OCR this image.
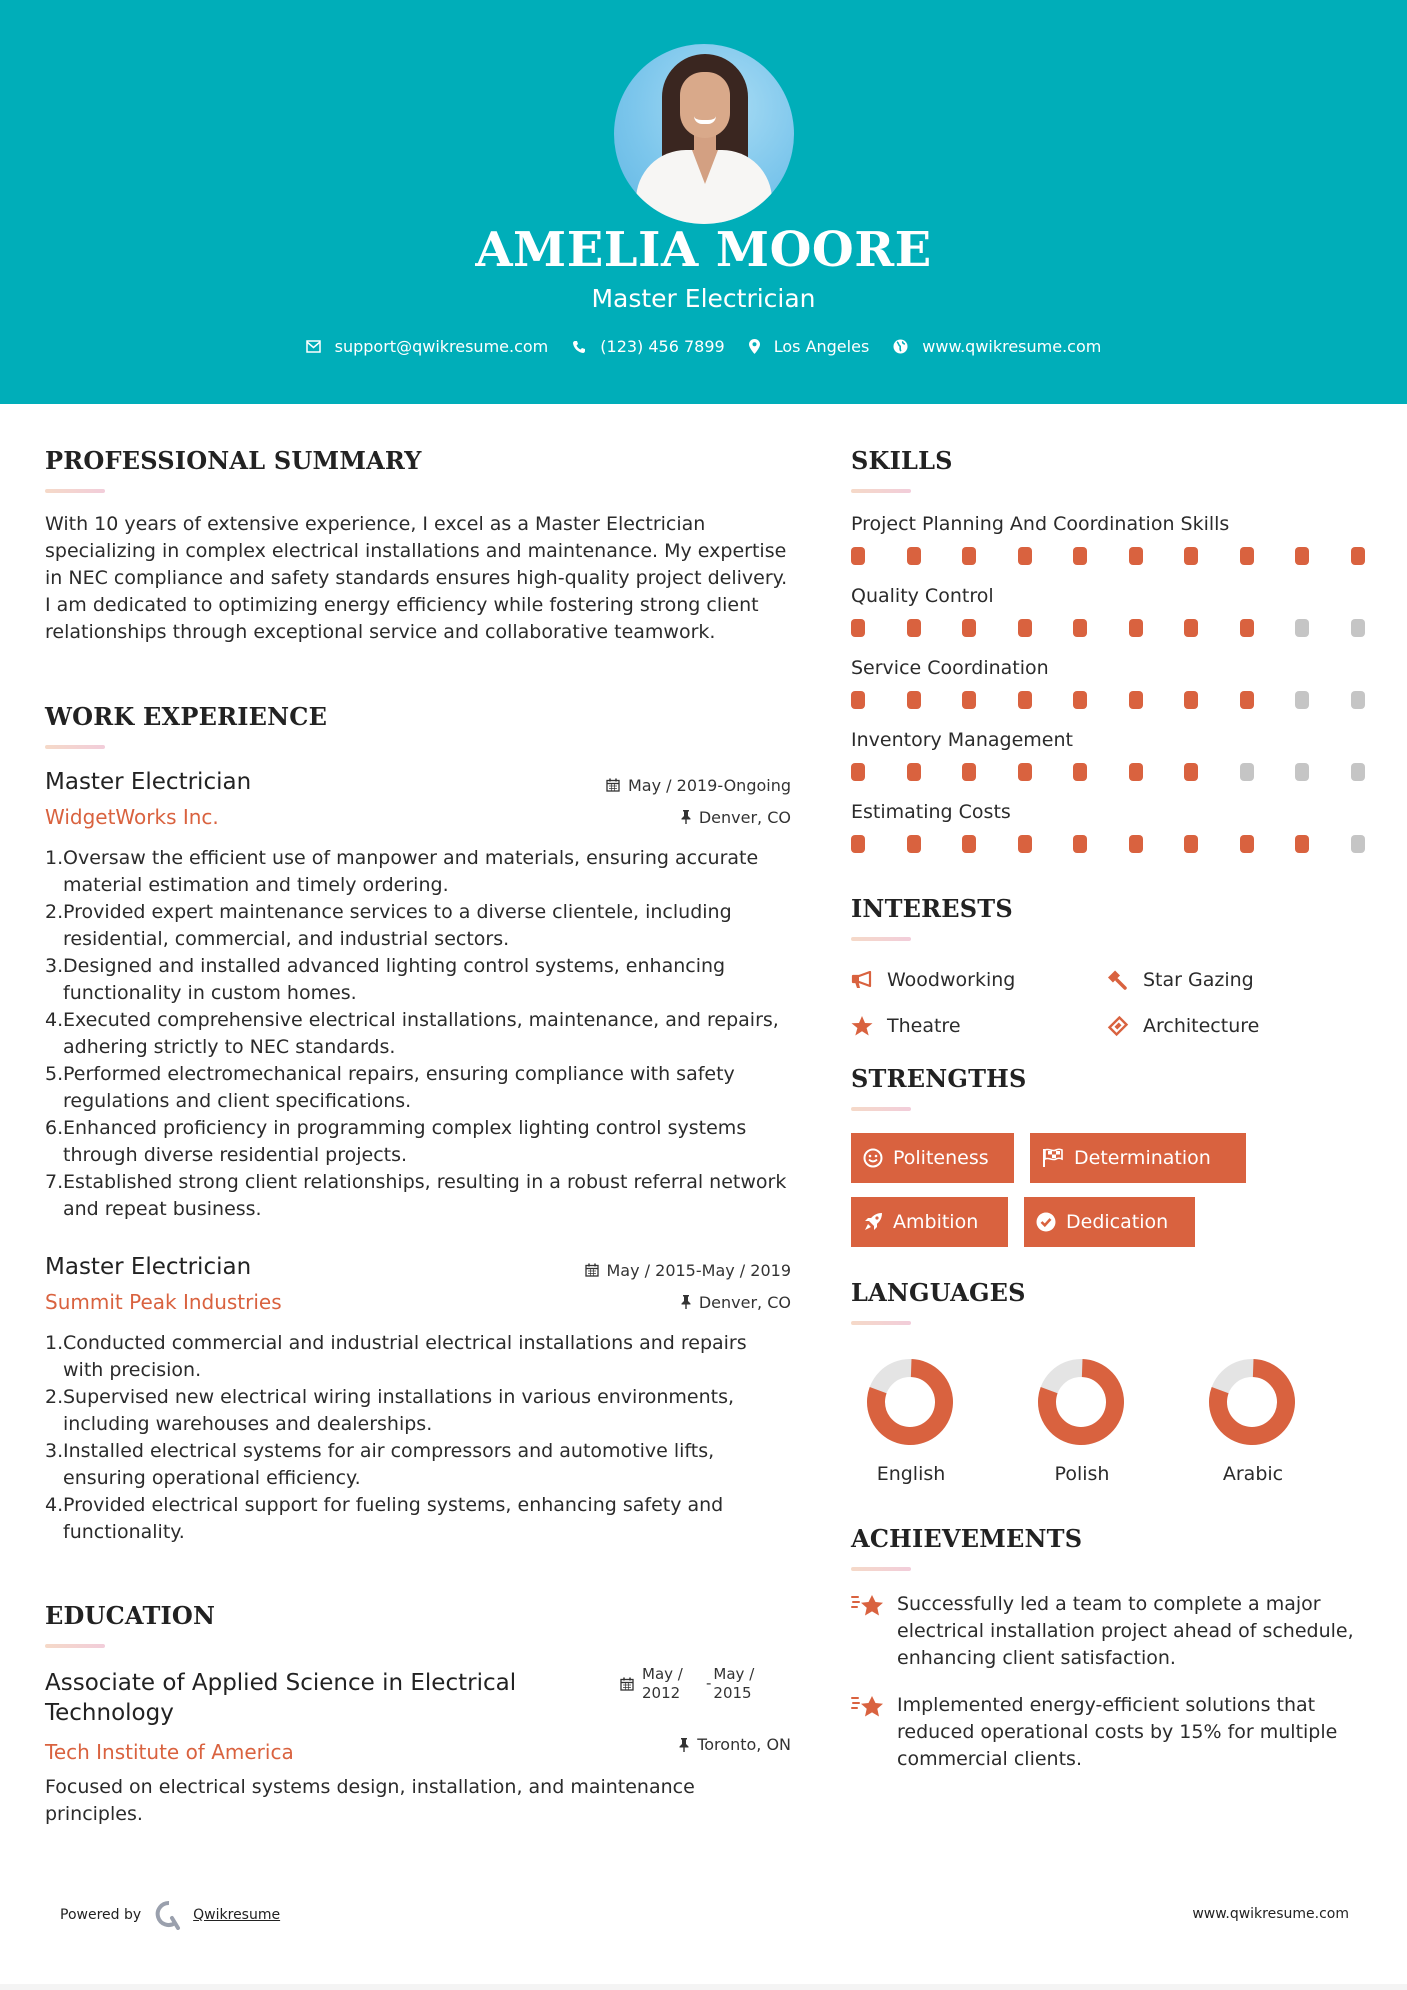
AMELIA MOORE
Master Electrician
support@qwikresume.com	(123) 456 7899	Los Angeles	www.qwikresume.com
PROFESSIONAL SUMMARY

With 10 years of extensive experience, I excel as a Master Electrician specializing in complex electrical installations and maintenance. My expertise in NEC compliance and safety standards ensures high-quality project delivery. I am dedicated to optimizing energy efficiency while fostering strong client relationships through exceptional service and collaborative teamwork.

WORK EXPERIENCE
Master Electrician
WidgetWorks Inc.
May / 2019-Ongoing
Denver, CO
1. Oversaw the efficient use of manpower and materials, ensuring accurate material estimation and timely ordering.
2. Provided expert maintenance services to a diverse clientele, including residential, commercial, and industrial sectors.
3. Designed and installed advanced lighting control systems, enhancing functionality in custom homes.
4. Executed comprehensive electrical installations, maintenance, and repairs, adhering strictly to NEC standards.
5. Performed electromechanical repairs, ensuring compliance with safety regulations and client specifications.
6. Enhanced proficiency in programming complex lighting control systems through diverse residential projects.
7. Established strong client relationships, resulting in a robust referral network and repeat business.
Master Electrician
Summit Peak Industries
May / 2015-May / 2019
Denver, CO
1. Conducted commercial and industrial electrical installations and repairs with precision.
2. Supervised new electrical wiring installations in various environments, including warehouses and dealerships.
3. Installed electrical systems for air compressors and automotive lifts, ensuring operational efficiency.
4. Provided electrical support for fueling systems, enhancing safety and functionality.
EDUCATION
Associate of Applied Science in Electrical Technology
May /
2012
- May /
2015
Toronto, ON
Tech Institute of America

Focused on electrical systems design, installation, and maintenance principles.

SKILLS
Project Planning And Coordination Skills
Quality Control
Service Coordination
Inventory Management
Estimating Costs
INTERESTS
Woodworking	Star Gazing
Theatre	Architecture
STRENGTHS
Politeness	Determination
Ambition	Dedication
LANGUAGES
English	Polish	Arabic
ACHIEVEMENTS
Successfully led a team to complete a major electrical installation project ahead of schedule, enhancing client satisfaction.
Implemented energy-efficient solutions that reduced operational costs by 15% for multiple commercial clients.
Powered by	Qwikresume	www.qwikresume.com
